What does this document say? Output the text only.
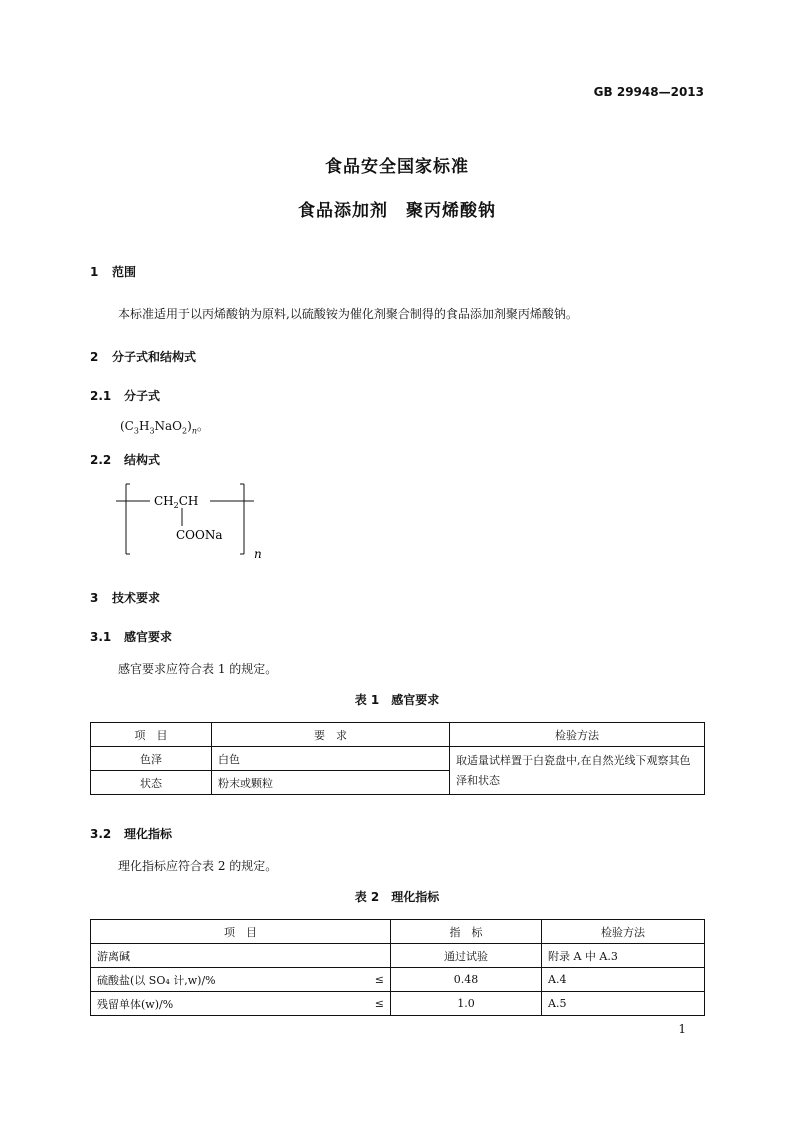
GB 29948—2013
食品安全国家标准
食品添加剂　聚丙烯酸钠
1 范围
本标准适用于以丙烯酸钠为原料,以硫酸铵为催化剂聚合制得的食品添加剂聚丙烯酸钠。
2 分子式和结构式
2.1 分子式
$(C_3H_3NaO_2)_n$。
2.2 结构式
$CH_2CH$
COONa
n
3 技术要求
3.1 感官要求
感官要求应符合表 1 的规定。
表 1　感官要求
项　目	要　求	检验方法
色泽	白色	取适量试样置于白瓷盘中,在自然光线下观察其色泽和状态
状态	粉末或颗粒	
3.2 理化指标
理化指标应符合表 2 的规定。
表 2　理化指标
项　目		指　标	检验方法
游离碱		通过试验	附录 A 中 A.3
硫酸盐(以 SO₄ 计,w)/%	≤	0.48	A.4
残留单体(w)/%	≤	1.0	A.5
1
